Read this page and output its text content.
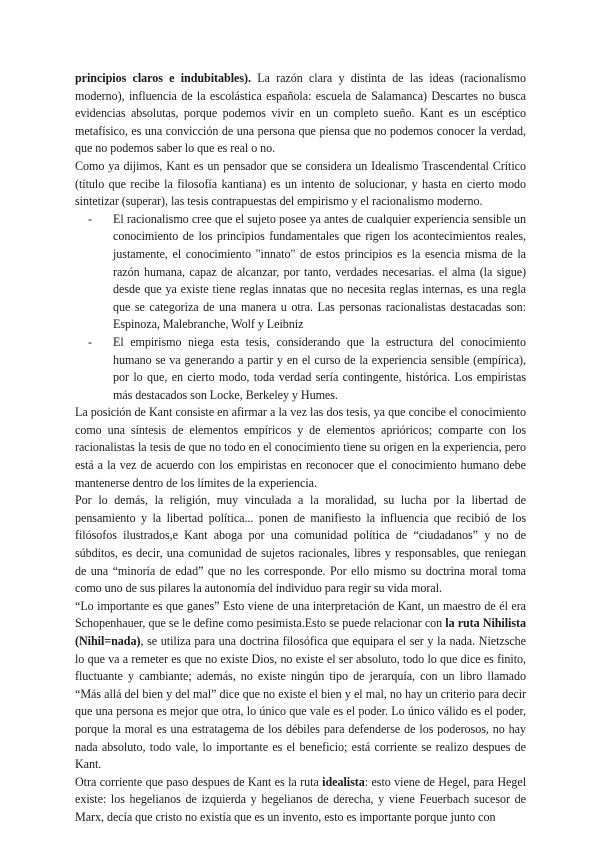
principios claros e indubitables). La razón clara y distinta de las ideas (racionalismo moderno), influencia de la escolástica española: escuela de Salamanca) Descartes no busca evidencias absolutas, porque podemos vivir en un completo sueño. Kant es un escéptico metafísico, es una convicción de una persona que piensa que no podemos conocer la verdad, que no podemos saber lo que es real o no.

Como ya dijimos, Kant es un pensador que se considera un Idealismo Trascendental Crítico (título que recibe la filosofía kantiana) es un intento de solucionar, y hasta en cierto modo sintetizar (superar), las tesis contrapuestas del empirismo y el racionalismo moderno.

- El racionalismo cree que el sujeto posee ya antes de cualquier experiencia sensible un conocimiento de los principios fundamentales que rigen los acontecimientos reales, justamente, el conocimiento "innato" de estos principios es la esencia misma de la razón humana, capaz de alcanzar, por tanto, verdades necesarias. el alma (la sigue) desde que ya existe tiene reglas innatas que no necesita reglas internas, es una regla que se categoriza de una manera u otra. Las personas racionalistas destacadas son: Espinoza, Malebranche, Wolf y Leibniz
- El empirismo niega esta tesis, considerando que la estructura del conocimiento humano se va generando a partir y en el curso de la experiencia sensible (empírica), por lo que, en cierto modo, toda verdad sería contingente, histórica. Los empiristas más destacados son Locke, Berkeley y Humes.

La posición de Kant consiste en afirmar a la vez las dos tesis, ya que concibe el conocimiento como una síntesis de elementos empíricos y de elementos aprióricos; comparte con los racionalistas la tesis de que no todo en el conocimiento tiene su origen en la experiencia, pero está a la vez de acuerdo con los empiristas en reconocer que el conocimiento humano debe mantenerse dentro de los límites de la experiencia.

Por lo demás, la religión, muy vinculada a la moralidad, su lucha por la libertad de pensamiento y la libertad política... ponen de manifiesto la influencia que recibió de los filósofos ilustrados,e Kant aboga por una comunidad política de “ciudadanos” y no de súbditos, es decir, una comunidad de sujetos racionales, libres y responsables, que reniegan de una “minoría de edad” que no les corresponde. Por ello mismo su doctrina moral toma como uno de sus pilares la autonomía del individuo para regir su vida moral.

“Lo importante es que ganes” Esto viene de una interpretación de Kant, un maestro de él era Schopenhauer, que se le define como pesimista.Esto se puede relacionar con la ruta Nihilista (Nihil=nada), se utiliza para una doctrina filosófica que equipara el ser y la nada. Nietzsche lo que va a remeter es que no existe Dios, no existe el ser absoluto, todo lo que dice es finito, fluctuante y cambiante; además, no existe ningún tipo de jerarquía, con un libro llamado “Más allá del bien y del mal” dice que no existe el bien y el mal, no hay un criterio para decir que una persona es mejor que otra, lo único que vale es el poder. Lo único válido es el poder, porque la moral es una estratagema de los débiles para defenderse de los poderosos, no hay nada absoluto, todo vale, lo importante es el beneficio; está corriente se realizo despues de Kant.

Otra corriente que paso despues de Kant es la ruta idealista: esto viene de Hegel, para Hegel existe: los hegelianos de izquierda y hegelianos de derecha, y viene Feuerbach sucesor de Marx, decía que cristo no existía que es un invento, esto es importante porque junto con
